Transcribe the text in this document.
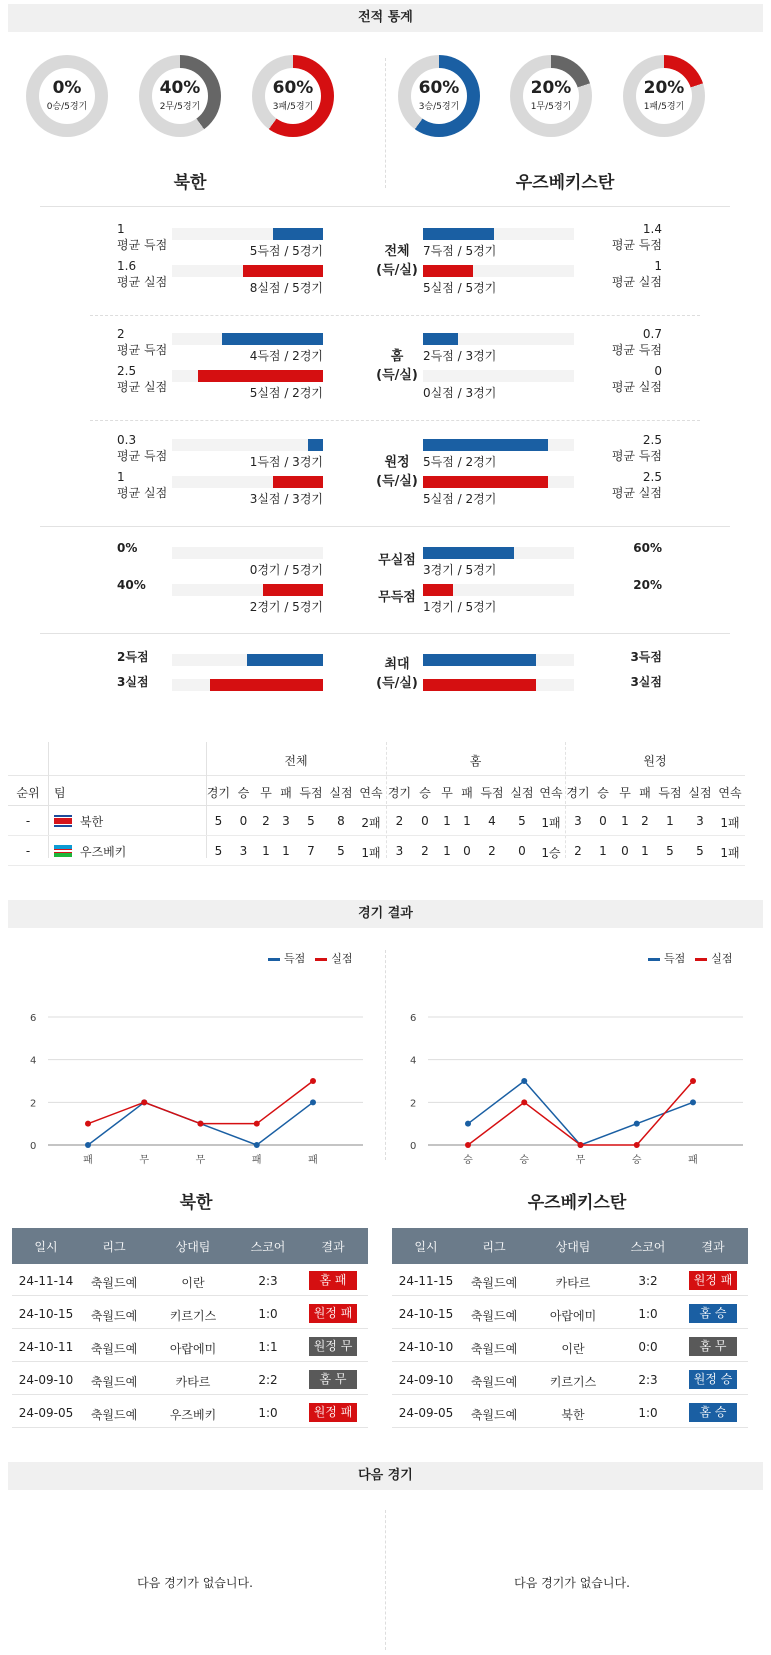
전적 통계
0%
0승/5경기
40%
2무/5경기
60%
3패/5경기
60%
3승/5경기
20%
1무/5경기
20%
1패/5경기
북한	우즈베키스탄
1
평균 득점	5득점 / 5경기	7득점 / 5경기
1.4
평균 득점
1.6
평균 실점	8실점 / 5경기	5실점 / 5경기
1
평균 실점
전체
(득/실)
2
평균 득점	4득점 / 2경기	2득점 / 3경기
0.7
평균 득점
2.5
평균 실점	5실점 / 2경기	0실점 / 3경기
0
평균 실점
홈
(득/실)
0.3
평균 득점	1득점 / 3경기	5득점 / 2경기
2.5
평균 득점
1
평균 실점	3실점 / 3경기	5실점 / 2경기
2.5
평균 실점
원정
(득/실)
0%
0경기 / 5경기	3경기 / 5경기
60%
무실점
40%
2경기 / 5경기	1경기 / 5경기
20%
무득점
2득점	3득점
3실점	3실점
최대
(득/실)
전체	홈	원정
순위	팀	경기 승 무 패 득점 실점 연속 경기 승 무 패 득점 실점 연속 경기 승 무 패 득점 실점 연속
-	북한	5	0	2	3	5	8	2패	2	0	1	1	4	5	1패	3	0	1	2	1	3	1패
-	우즈베키	5	3	1	1	7	5	1패	3	2	1	0	2	0	1승	2	1	0	1	5	5	1패
경기 결과
득점 실점
0
2
4
6
패	무	무	패	패
득점 실점
0
2
4
6
승	승	무	승	패
북한	우즈베키스탄
일시	리그	상대팀	스코어	결과
24-11-14	축월드예	이란	2:3	홈 패
24-10-15	축월드예	키르기스	1:0	원정 패
24-10-11	축월드예	아랍에미	1:1	원정 무
24-09-10	축월드예	카타르	2:2	홈 무
24-09-05	축월드예	우즈베키	1:0	원정 패
일시	리그	상대팀	스코어	결과
24-11-15	축월드예	카타르	3:2	원정 패
24-10-15	축월드예	아랍에미	1:0	홈 승
24-10-10	축월드예	이란	0:0	홈 무
24-09-10	축월드예	키르기스	2:3	원정 승
24-09-05	축월드예	북한	1:0	홈 승
다음 경기
다음 경기가 없습니다.	다음 경기가 없습니다.
